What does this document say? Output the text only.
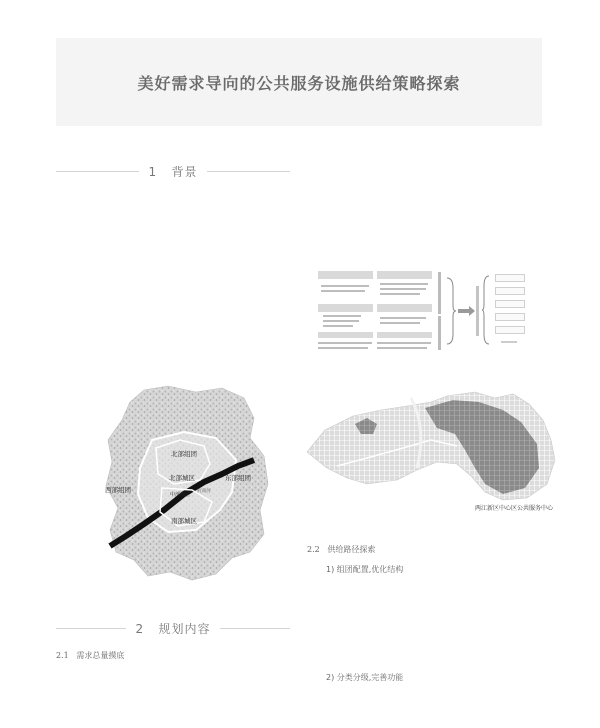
美好需求导向的公共服务设施供给策略探索
1 背景
北部组团
北部城区
西部组团
中部城区
东部组团
南部城区
府南河
两江新区中心区公共服务中心
2.2 供给路径探索
1) 组团配置,优化结构
2 规划内容
2.1 需求总量摸底
2) 分类分级,完善功能
